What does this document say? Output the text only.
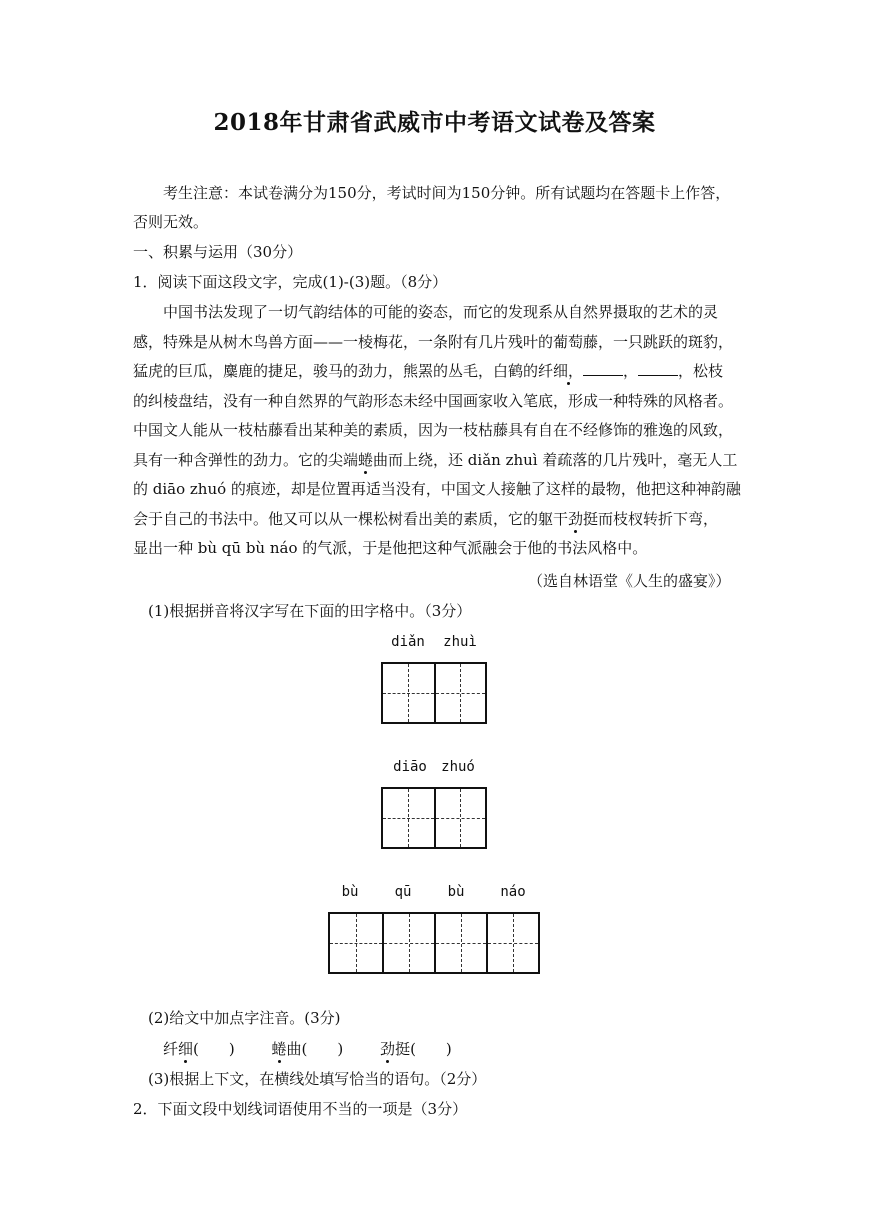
2018年甘肃省武威市中考语文试卷及答案
考生注意：本试卷满分为150分，考试时间为150分钟。所有试题均在答题卡上作答，
否则无效。
一、积累与运用（30分）
1．阅读下面这段文字，完成(1)-(3)题。（8分）
中国书法发现了一切气韵结体的可能的姿态，而它的发现系从自然界摄取的艺术的灵
感，特殊是从树木鸟兽方面——一棱梅花，一条附有几片残叶的葡萄藤，一只跳跃的斑豹，
猛虎的巨瓜，麋鹿的捷足，骏马的劲力，熊罴的丛毛，白鹤的纤细，	，	，松枝
的纠棱盘结，没有一种自然界的气韵形态未经中国画家收入笔底，形成一种特殊的风格者。
中国文人能从一枝枯藤看出某种美的素质，因为一枝枯藤具有自在不经修饰的雅逸的风致，
具有一种含弹性的劲力。它的尖端蜷曲而上绕，还 diǎn zhuì 着疏落的几片残叶，毫无人工
的 diāo zhuó 的痕迹，却是位置再适当没有，中国文人接触了这样的最物，他把这种神韵融
会于自己的书法中。他又可以从一棵松树看出美的素质，它的躯干劲挺而枝杈转折下弯，
显出一种 bù qū bù náo 的气派，于是他把这种气派融会于他的书法风格中。
（选自林语堂《人生的盛宴》）
(1)根据拼音将汉字写在下面的田字格中。（3分）
diǎn	zhuì
diāo	zhuó
bù	qū	bù	náo
(2)给文中加点字注音。(3分)
纤细(　　) 蜷曲(　　) 劲挺(　　)
(3)根据上下文，在横线处填写恰当的语句。（2分）
2．下面文段中划线词语使用不当的一项是（3分）
